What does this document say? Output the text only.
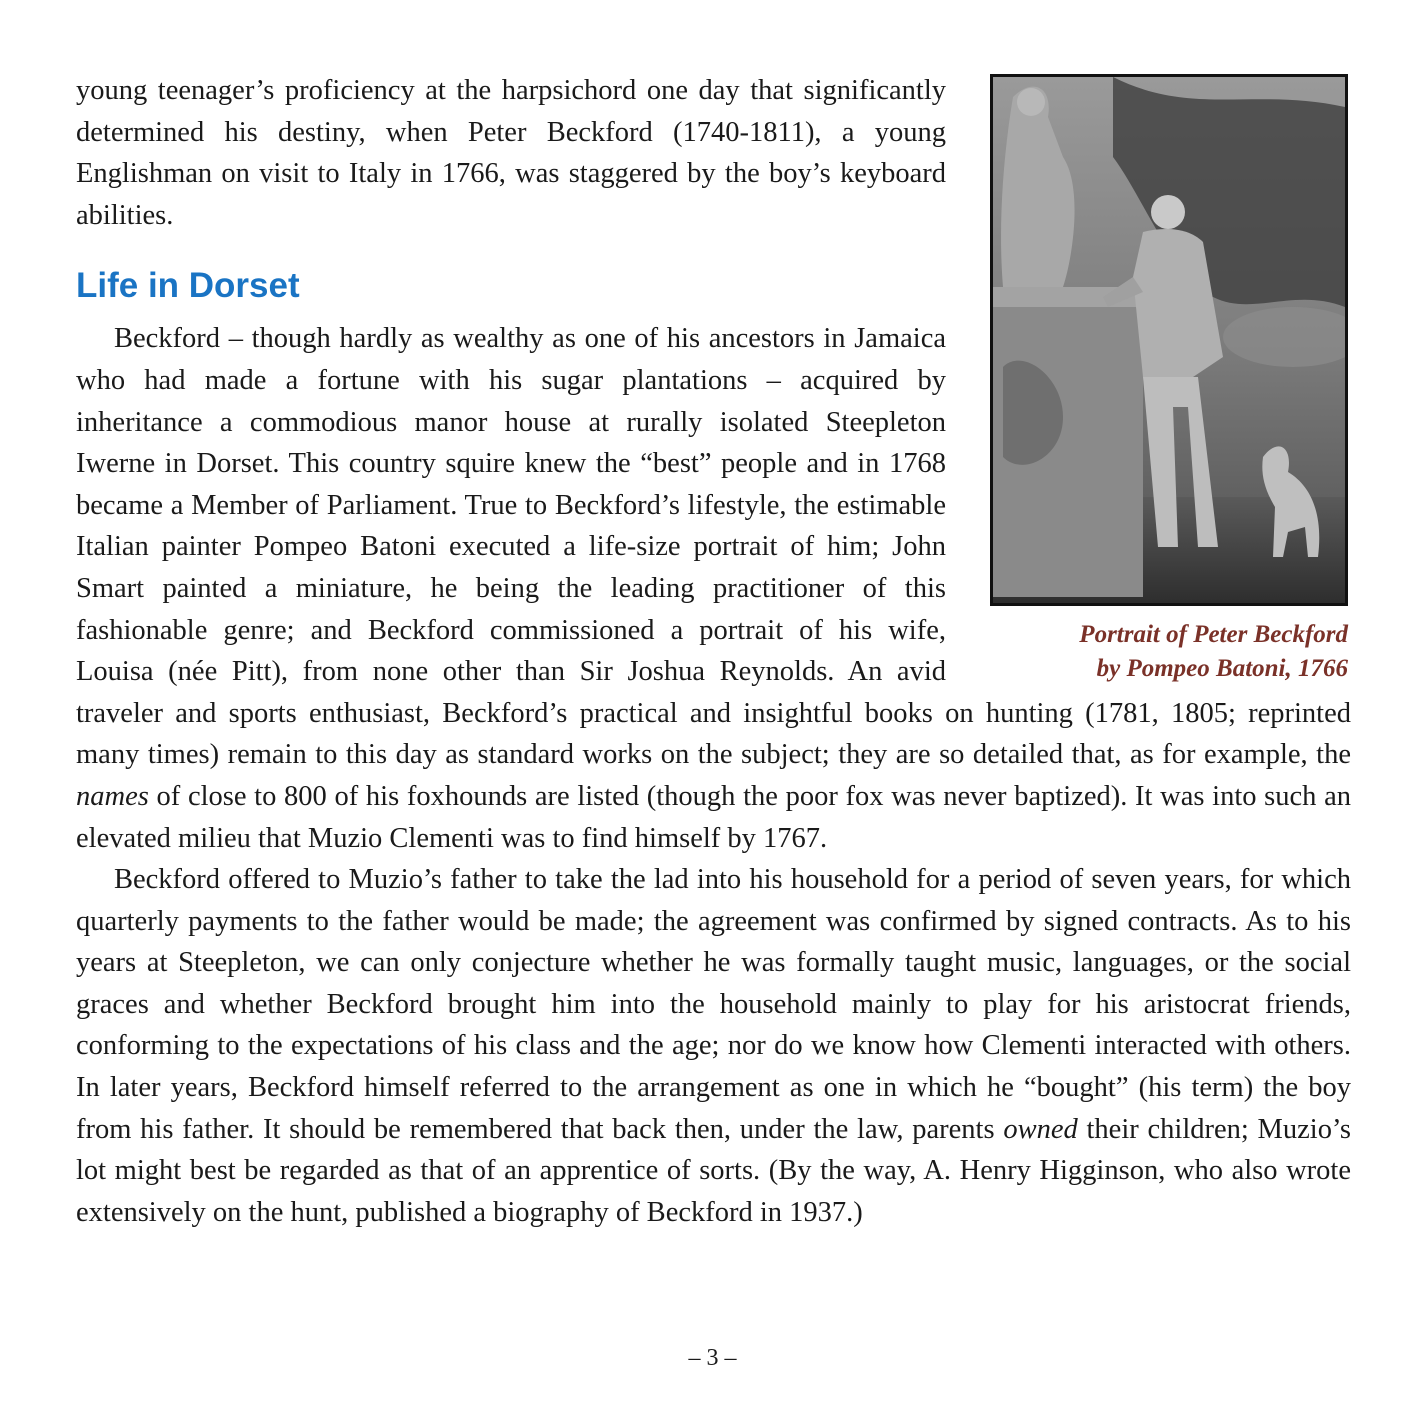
Portrait of Peter Beckford
by Pompeo Batoni, 1766

young teenager’s proficiency at the harpsichord one day that significantly determined his destiny, when Peter Beckford (1740-1811), a young Englishman on visit to Italy in 1766, was staggered by the boy’s keyboard abilities.

Life in Dorset

Beckford – though hardly as wealthy as one of his ancestors in Jamaica who had made a fortune with his sugar plantations – acquired by inheritance a commodious manor house at rurally isolated Steepleton Iwerne in Dorset. This country squire knew the “best” people and in 1768 became a Member of Parliament. True to Beckford’s lifestyle, the estimable Italian painter Pompeo Batoni executed a life-size portrait of him; John Smart painted a miniature, he being the leading practitioner of this fashionable genre; and Beckford commissioned a portrait of his wife, Louisa (née Pitt), from none other than Sir Joshua Reynolds. An avid traveler and sports enthusiast, Beckford’s practical and insightful books on hunting (1781, 1805; reprinted many times) remain to this day as standard works on the subject; they are so detailed that, as for example, the names of close to 800 of his foxhounds are listed (though the poor fox was never baptized). It was into such an elevated milieu that Muzio Clementi was to find himself by 1767.

Beckford offered to Muzio’s father to take the lad into his household for a period of seven years, for which quarterly payments to the father would be made; the agreement was confirmed by signed contracts. As to his years at Steepleton, we can only conjecture whether he was formally taught music, languages, or the social graces and whether Beckford brought him into the household mainly to play for his aristocrat friends, conforming to the expectations of his class and the age; nor do we know how Clementi interacted with others. In later years, Beckford himself referred to the arrangement as one in which he “bought” (his term) the boy from his father. It should be remembered that back then, under the law, parents owned their children; Muzio’s lot might best be regarded as that of an apprentice of sorts. (By the way, A. Henry Higginson, who also wrote extensively on the hunt, published a biography of Beckford in 1937.)

– 3 –
